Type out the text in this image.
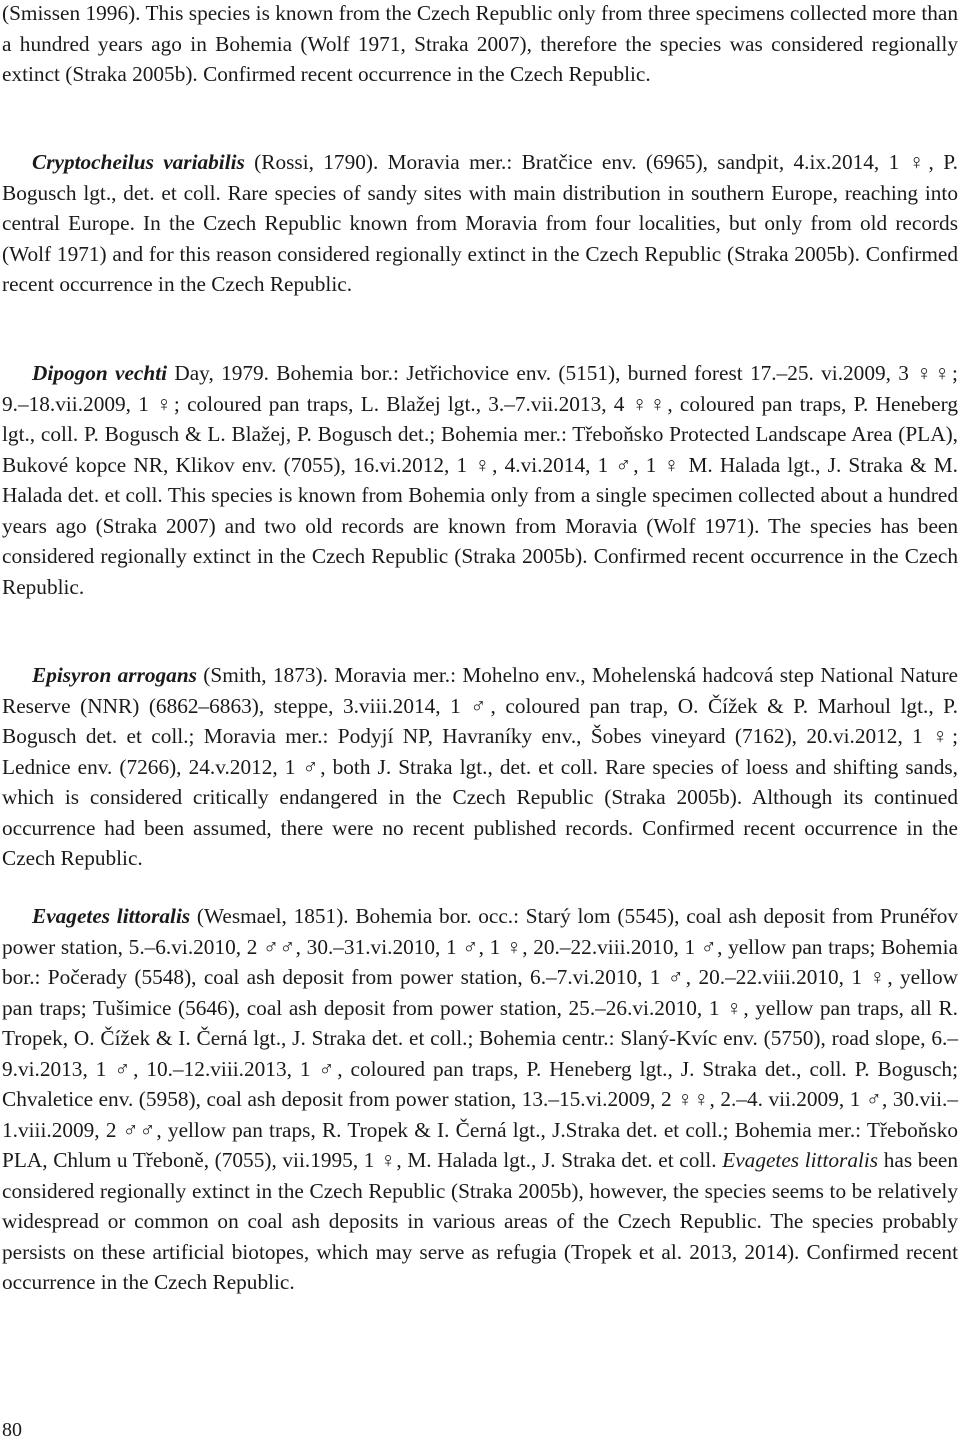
(Smissen 1996). This species is known from the Czech Republic only from three specimens collected more than a hundred years ago in Bohemia (Wolf 1971, Straka 2007), therefore the species was considered regionally extinct (Straka 2005b). Confirmed recent occurrence in the Czech Republic.

Cryptocheilus variabilis (Rossi, 1790). Moravia mer.: Bratčice env. (6965), sandpit, 4.ix.2014, 1 ♀, P. Bogusch lgt., det. et coll. Rare species of sandy sites with main distribution in southern Europe, reaching into central Europe. In the Czech Republic known from Moravia from four localities, but only from old records (Wolf 1971) and for this reason considered regionally extinct in the Czech Republic (Straka 2005b). Confirmed recent occurrence in the Czech Republic.

Dipogon vechti Day, 1979. Bohemia bor.: Jetřichovice env. (5151), burned forest 17.–25. vi.2009, 3 ♀♀; 9.–18.vii.2009, 1 ♀; coloured pan traps, L. Blažej lgt., 3.–7.vii.2013, 4 ♀♀, coloured pan traps, P. Heneberg lgt., coll. P. Bogusch & L. Blažej, P. Bogusch det.; Bohemia mer.: Třeboňsko Protected Landscape Area (PLA), Bukové kopce NR, Klikov env. (7055), 16.vi.2012, 1 ♀, 4.vi.2014, 1 ♂, 1 ♀ M. Halada lgt., J. Straka & M. Halada det. et coll. This species is known from Bohemia only from a single specimen collected about a hundred years ago (Straka 2007) and two old records are known from Moravia (Wolf 1971). The species has been considered regionally extinct in the Czech Republic (Straka 2005b). Confirmed recent occurrence in the Czech Republic.

Episyron arrogans (Smith, 1873). Moravia mer.: Mohelno env., Mohelenská hadcová step National Nature Reserve (NNR) (6862–6863), steppe, 3.viii.2014, 1 ♂, coloured pan trap, O. Čížek & P. Marhoul lgt., P. Bogusch det. et coll.; Moravia mer.: Podyjí NP, Havraníky env., Šobes vineyard (7162), 20.vi.2012, 1 ♀; Lednice env. (7266), 24.v.2012, 1 ♂, both J. Straka lgt., det. et coll. Rare species of loess and shifting sands, which is considered critically endangered in the Czech Republic (Straka 2005b). Although its continued occurrence had been assumed, there were no recent published records. Confirmed recent occurrence in the Czech Republic.

Evagetes littoralis (Wesmael, 1851). Bohemia bor. occ.: Starý lom (5545), coal ash deposit from Prunéřov power station, 5.–6.vi.2010, 2 ♂♂, 30.–31.vi.2010, 1 ♂, 1 ♀, 20.–22.viii.2010, 1 ♂, yellow pan traps; Bohemia bor.: Počerady (5548), coal ash deposit from power station, 6.–7.vi.2010, 1 ♂, 20.–22.viii.2010, 1 ♀, yellow pan traps; Tušimice (5646), coal ash deposit from power station, 25.–26.vi.2010, 1 ♀, yellow pan traps, all R. Tropek, O. Čížek & I. Černá lgt., J. Straka det. et coll.; Bohemia centr.: Slaný-Kvíc env. (5750), road slope, 6.–9.vi.2013, 1 ♂, 10.–12.viii.2013, 1 ♂, coloured pan traps, P. Heneberg lgt., J. Straka det., coll. P. Bogusch; Chvaletice env. (5958), coal ash deposit from power station, 13.–15.vi.2009, 2 ♀♀, 2.–4. vii.2009, 1 ♂, 30.vii.–1.viii.2009, 2 ♂♂, yellow pan traps, R. Tropek & I. Černá lgt., J.Straka det. et coll.; Bohemia mer.: Třeboňsko PLA, Chlum u Třeboně, (7055), vii.1995, 1 ♀, M. Halada lgt., J. Straka det. et coll. Evagetes littoralis has been considered regionally extinct in the Czech Republic (Straka 2005b), however, the species seems to be relatively widespread or common on coal ash deposits in various areas of the Czech Republic. The species probably persists on these artificial biotopes, which may serve as refugia (Tropek et al. 2013, 2014). Confirmed recent occurrence in the Czech Republic.

80
